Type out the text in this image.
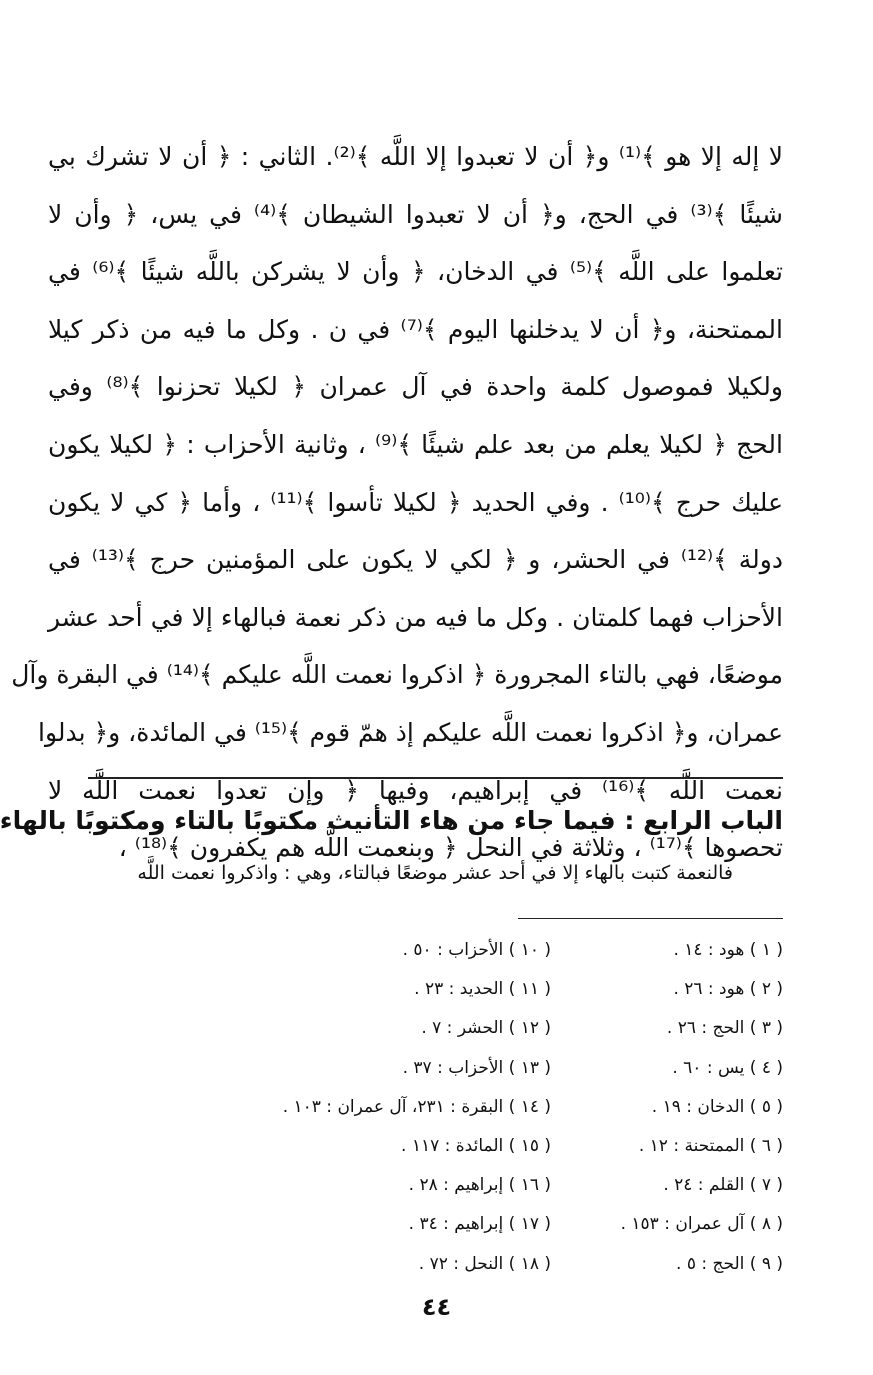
لا إله إلا هو ﴾⁽¹⁾ و﴿ أن لا تعبدوا إلا اللَّه ﴾⁽²⁾. الثاني : ﴿ أن لا تشرك بي
شيئًا ﴾⁽³⁾ في الحج، و﴿ أن لا تعبدوا الشيطان ﴾⁽⁴⁾ في يس، ﴿ وأن لا
تعلموا على اللَّه ﴾⁽⁵⁾ في الدخان، ﴿ وأن لا يشركن باللَّه شيئًا ﴾⁽⁶⁾ في
الممتحنة، و﴿ أن لا يدخلنها اليوم ﴾⁽⁷⁾ في ن . وكل ما فيه من ذكر كيلا
ولكيلا فموصول كلمة واحدة في آل عمران ﴿ لكيلا تحزنوا ﴾⁽⁸⁾ وفي
الحج ﴿ لكيلا يعلم من بعد علم شيئًا ﴾⁽⁹⁾ ، وثانية الأحزاب : ﴿ لكيلا يكون
عليك حرج ﴾⁽¹⁰⁾ . وفي الحديد ﴿ لكيلا تأسوا ﴾⁽¹¹⁾ ، وأما ﴿ كي لا يكون
دولة ﴾⁽¹²⁾ في الحشر، و ﴿ لكي لا يكون على المؤمنين حرج ﴾⁽¹³⁾ في
الأحزاب فهما كلمتان . وكل ما فيه من ذكر نعمة فبالهاء إلا في أحد عشر
موضعًا، فهي بالتاء المجرورة ﴿ اذكروا نعمت اللَّه عليكم ﴾⁽¹⁴⁾ في البقرة وآل
عمران، و﴿ اذكروا نعمت اللَّه عليكم إذ همّ قوم ﴾⁽¹⁵⁾ في المائدة، و﴿ بدلوا
نعمت اللَّه ﴾⁽¹⁶⁾ في إبراهيم، وفيها ﴿ وإن تعدوا نعمت اللَّه لا
تحصوها ﴾⁽¹⁷⁾ ، وثلاثة في النحل ﴿ وبنعمت اللَّه هم يكفرون ﴾⁽¹⁸⁾ ،
الباب الرابع : فيما جاء من هاء التأنيث مكتوبًا بالتاء ومكتوبًا بالهاء
فالنعمة كتبت بالهاء إلا في أحد عشر موضعًا فبالتاء، وهي : واذكروا نعمت اللَّه
( ١ ) هود : ١٤ .
( ١٠ ) الأحزاب : ٥٠ .
( ٢ ) هود : ٢٦ .
( ١١ ) الحديد : ٢٣ .
( ٣ ) الحج : ٢٦ .
( ١٢ ) الحشر : ٧ .
( ٤ ) يس : ٦٠ .
( ١٣ ) الأحزاب : ٣٧ .
( ٥ ) الدخان : ١٩ .
( ١٤ ) البقرة : ٢٣١، آل عمران : ١٠٣ .
( ٦ ) الممتحنة : ١٢ .
( ١٥ ) المائدة : ١١٧ .
( ٧ ) القلم : ٢٤ .
( ١٦ ) إبراهيم : ٢٨ .
( ٨ ) آل عمران : ١٥٣ .
( ١٧ ) إبراهيم : ٣٤ .
( ٩ ) الحج : ٥ .
( ١٨ ) النحل : ٧٢ .
٤٤
